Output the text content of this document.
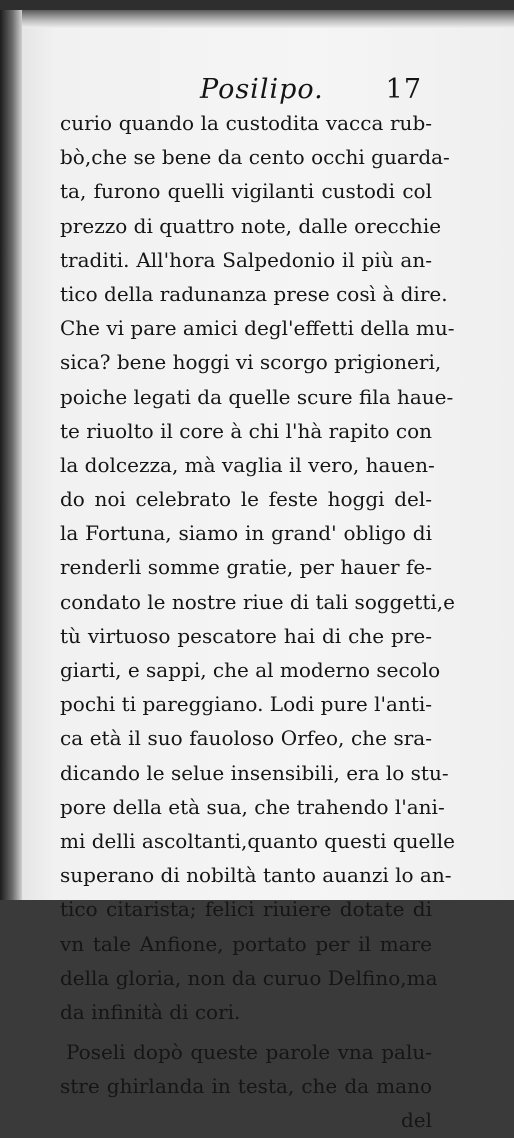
Posilipo. 17
curio quando la custodita vacca rub-
bò,che se bene da cento occhi guarda-
ta, furono quelli vigilanti custodi col
prezzo di quattro note, dalle orecchie
traditi. All'hora Salpedonio il più an-
tico della radunanza prese così à dire.
Che vi pare amici degl'effetti della mu-
sica? bene hoggi vi scorgo prigioneri,
poiche legati da quelle scure fila haue-
te riuolto il core à chi l'hà rapito con
la dolcezza, mà vaglia il vero, hauen-
do noi celebrato le feste hoggi del-
la Fortuna, siamo in grand' obligo di
renderli somme gratie, per hauer fe-
condato le nostre riue di tali soggetti,e
tù virtuoso pescatore hai di che pre-
giarti, e sappi, che al moderno secolo
pochi ti pareggiano. Lodi pure l'anti-
ca età il suo fauoloso Orfeo, che sra-
dicando le selue insensibili, era lo stu-
pore della età sua, che trahendo l'ani-
mi delli ascoltanti,quanto questi quelle
superano di nobiltà tanto auanzi lo an-
tico citarista; felici riuiere dotate di
vn tale Anfione, portato per il mare
della gloria, non da curuo Delfino,ma
da infinità di cori.
Poseli dopò queste parole vna palu-
stre ghirlanda in testa, che da mano
del
